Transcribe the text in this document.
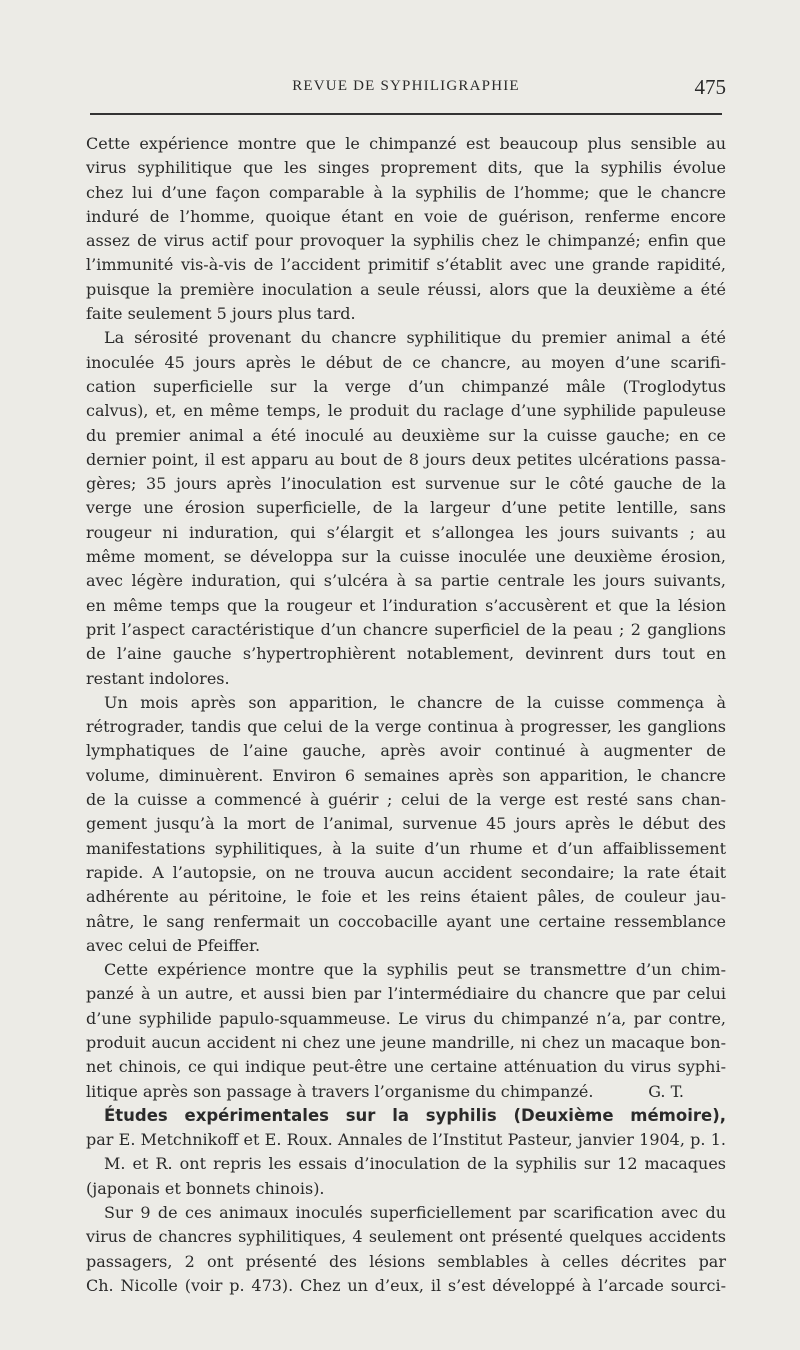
REVUE DE SYPHILIGRAPHIE	475
Cette expérience montre que le chimpanzé est beaucoup plus sensible au
virus syphilitique que les singes proprement dits, que la syphilis évolue
chez lui d’une façon comparable à la syphilis de l’homme; que le chancre
induré de l’homme, quoique étant en voie de guérison, renferme encore
assez de virus actif pour provoquer la syphilis chez le chimpanzé; enfin que
l’immunité vis-à-vis de l’accident primitif s’établit avec une grande rapidité,
puisque la première inoculation a seule réussi, alors que la deuxième a été
faite seulement 5 jours plus tard.
La sérosité provenant du chancre syphilitique du premier animal a été
inoculée 45 jours après le début de ce chancre, au moyen d’une scarifi-
cation superficielle sur la verge d’un chimpanzé mâle (Troglodytus
calvus), et, en même temps, le produit du raclage d’une syphilide papuleuse
du premier animal a été inoculé au deuxième sur la cuisse gauche; en ce
dernier point, il est apparu au bout de 8 jours deux petites ulcérations passa-
gères; 35 jours après l’inoculation est survenue sur le côté gauche de la
verge une érosion superficielle, de la largeur d’une petite lentille, sans
rougeur ni induration, qui s’élargit et s’allongea les jours suivants ; au
même moment, se développa sur la cuisse inoculée une deuxième érosion,
avec légère induration, qui s’ulcéra à sa partie centrale les jours suivants,
en même temps que la rougeur et l’induration s’accusèrent et que la lésion
prit l’aspect caractéristique d’un chancre superficiel de la peau ; 2 ganglions
de l’aine gauche s’hypertrophièrent notablement, devinrent durs tout en
restant indolores.
Un mois après son apparition, le chancre de la cuisse commença à
rétrograder, tandis que celui de la verge continua à progresser, les ganglions
lymphatiques de l’aine gauche, après avoir continué à augmenter de
volume, diminuèrent. Environ 6 semaines après son apparition, le chancre
de la cuisse a commencé à guérir ; celui de la verge est resté sans chan-
gement jusqu’à la mort de l’animal, survenue 45 jours après le début des
manifestations syphilitiques, à la suite d’un rhume et d’un affaiblissement
rapide. A l’autopsie, on ne trouva aucun accident secondaire; la rate était
adhérente au péritoine, le foie et les reins étaient pâles, de couleur jau-
nâtre, le sang renfermait un coccobacille ayant une certaine ressemblance
avec celui de Pfeiffer.
Cette expérience montre que la syphilis peut se transmettre d’un chim-
panzé à un autre, et aussi bien par l’intermédiaire du chancre que par celui
d’une syphilide papulo-squammeuse. Le virus du chimpanzé n’a, par contre,
produit aucun accident ni chez une jeune mandrille, ni chez un macaque bon-
net chinois, ce qui indique peut-être une certaine atténuation du virus syphi-
litique après son passage à travers l’organisme du chimpanzé.	G. T.
Études expérimentales sur la syphilis (Deuxième mémoire),
par E. Metchnikoff et E. Roux. Annales de l’Institut Pasteur, janvier 1904, p. 1.
M. et R. ont repris les essais d’inoculation de la syphilis sur 12 macaques
(japonais et bonnets chinois).
Sur 9 de ces animaux inoculés superficiellement par scarification avec du
virus de chancres syphilitiques, 4 seulement ont présenté quelques accidents
passagers, 2 ont présenté des lésions semblables à celles décrites par
Ch. Nicolle (voir p. 473). Chez un d’eux, il s’est développé à l’arcade sourci-
